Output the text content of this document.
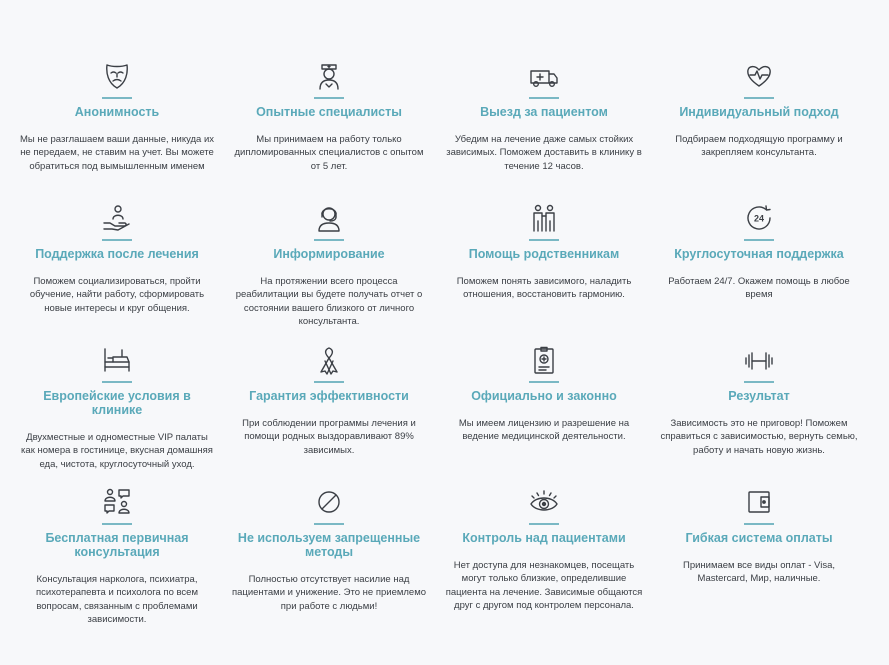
Анонимность
Мы не разглашаем ваши данные, никуда их не передаем, не ставим на учет. Вы можете обратиться под вымышленным именем
Опытные специалисты
Мы принимаем на работу только дипломированных специалистов с опытом от 5 лет.
Выезд за пациентом
Убедим на лечение даже самых стойких зависимых. Поможем доставить в клинику в течение 12 часов.
Индивидуальный подход
Подбираем подходящую программу и закрепляем консультанта.
Поддержка после лечения
Поможем социализироваться, пройти обучение, найти работу, сформировать новые интересы и круг общения.
Информирование
На протяжении всего процесса реабилитации вы будете получать отчет о состоянии вашего близкого от личного консультанта.
Помощь родственникам
Поможем понять зависимого, наладить отношения, восстановить гармонию.
24
Круглосуточная поддержка
Работаем 24/7. Окажем помощь в любое время
Европейские условия в клинике
Двухместные и одноместные VIP палаты как номера в гостинице, вкусная домашняя еда, чистота, круглосуточный уход.
Гарантия эффективности
При соблюдении программы лечения и помощи родных выздоравливают 89% зависимых.
Официально и законно
Мы имеем лицензию и разрешение на ведение медицинской деятельности.
Результат
Зависимость это не приговор! Поможем справиться с зависимостью, вернуть семью, работу и начать новую жизнь.
Бесплатная первичная консультация
Консультация нарколога, психиатра, психотерапевта и психолога по всем вопросам, связанным с проблемами зависимости.
Не используем запрещенные методы
Полностью отсутствует насилие над пациентами и унижение. Это не приемлемо при работе с людьми!
Контроль над пациентами
Нет доступа для незнакомцев, посещать могут только близкие, определившие пациента на лечение. Зависимые общаются друг с другом под контролем персонала.
Гибкая система оплаты
Принимаем все виды оплат - Visa, Mastercard, Мир, наличные.
